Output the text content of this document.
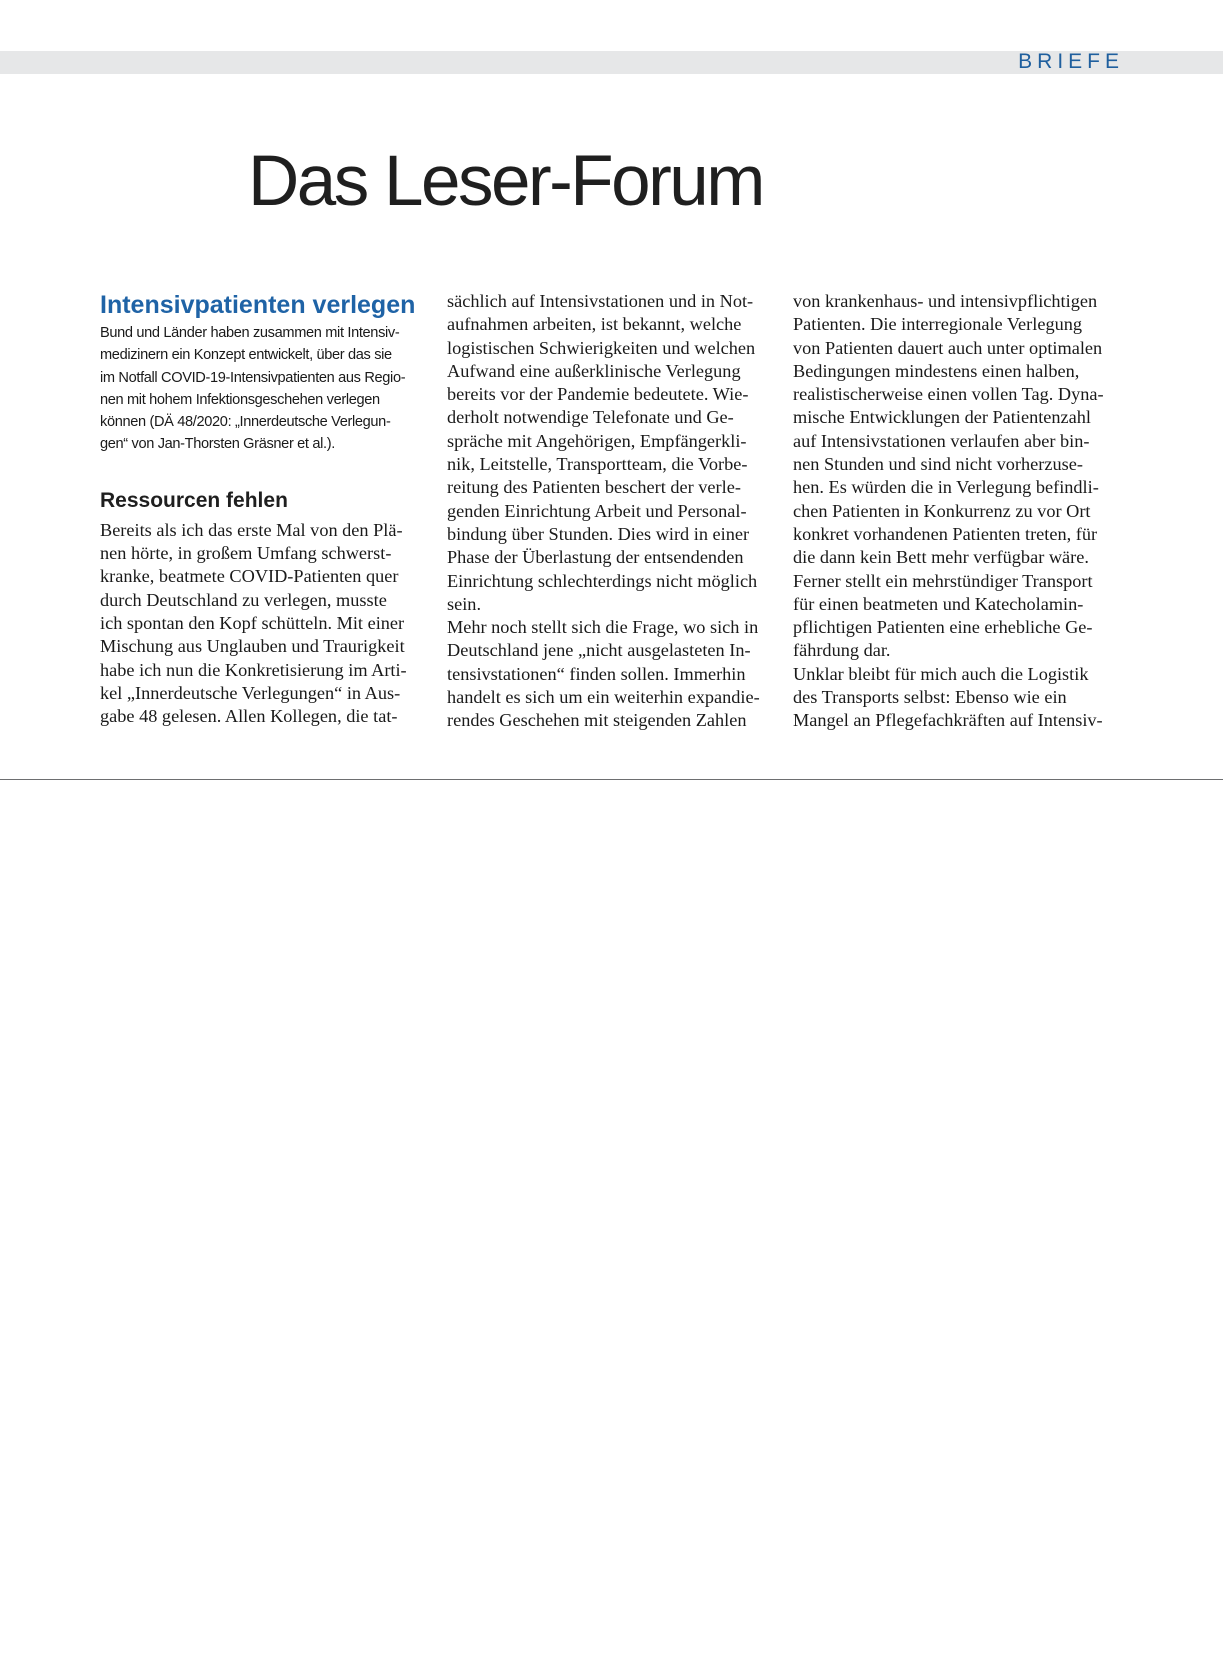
BRIEFE
Das Leser-Forum
Intensivpatienten verlegen
Bund und Länder haben zusammen mit Intensiv-
medizinern ein Konzept entwickelt, über das sie
im Notfall COVID-19-Intensivpatienten aus Regio-
nen mit hohem Infektionsgeschehen verlegen
können (DÄ 48/2020: „Innerdeutsche Verlegun-
gen“ von Jan-Thorsten Gräsner et al.).
Ressourcen fehlen
Bereits als ich das erste Mal von den Plä-
nen hörte, in großem Umfang schwerst-
kranke, beatmete COVID-Patienten quer
durch Deutschland zu verlegen, musste
ich spontan den Kopf schütteln. Mit einer
Mischung aus Unglauben und Traurigkeit
habe ich nun die Konkretisierung im Arti-
kel „Innerdeutsche Verlegungen“ in Aus-
gabe 48 gelesen. Allen Kollegen, die tat-
sächlich auf Intensivstationen und in Not-
aufnahmen arbeiten, ist bekannt, welche
logistischen Schwierigkeiten und welchen
Aufwand eine außerklinische Verlegung
bereits vor der Pandemie bedeutete. Wie-
derholt notwendige Telefonate und Ge-
spräche mit Angehörigen, Empfängerkli-
nik, Leitstelle, Transportteam, die Vorbe-
reitung des Patienten beschert der verle-
genden Einrichtung Arbeit und Personal-
bindung über Stunden. Dies wird in einer
Phase der Überlastung der entsendenden
Einrichtung schlechterdings nicht möglich
sein.
Mehr noch stellt sich die Frage, wo sich in
Deutschland jene „nicht ausgelasteten In-
tensivstationen“ finden sollen. Immerhin
handelt es sich um ein weiterhin expandie-
rendes Geschehen mit steigenden Zahlen
von krankenhaus- und intensivpflichtigen
Patienten. Die interregionale Verlegung
von Patienten dauert auch unter optimalen
Bedingungen mindestens einen halben,
realistischerweise einen vollen Tag. Dyna-
mische Entwicklungen der Patientenzahl
auf Intensivstationen verlaufen aber bin-
nen Stunden und sind nicht vorherzuse-
hen. Es würden die in Verlegung befindli-
chen Patienten in Konkurrenz zu vor Ort
konkret vorhandenen Patienten treten, für
die dann kein Bett mehr verfügbar wäre.
Ferner stellt ein mehrstündiger Transport
für einen beatmeten und Katecholamin-
pflichtigen Patienten eine erhebliche Ge-
fährdung dar.
Unklar bleibt für mich auch die Logistik
des Transports selbst: Ebenso wie ein
Mangel an Pflegefachkräften auf Intensiv-
